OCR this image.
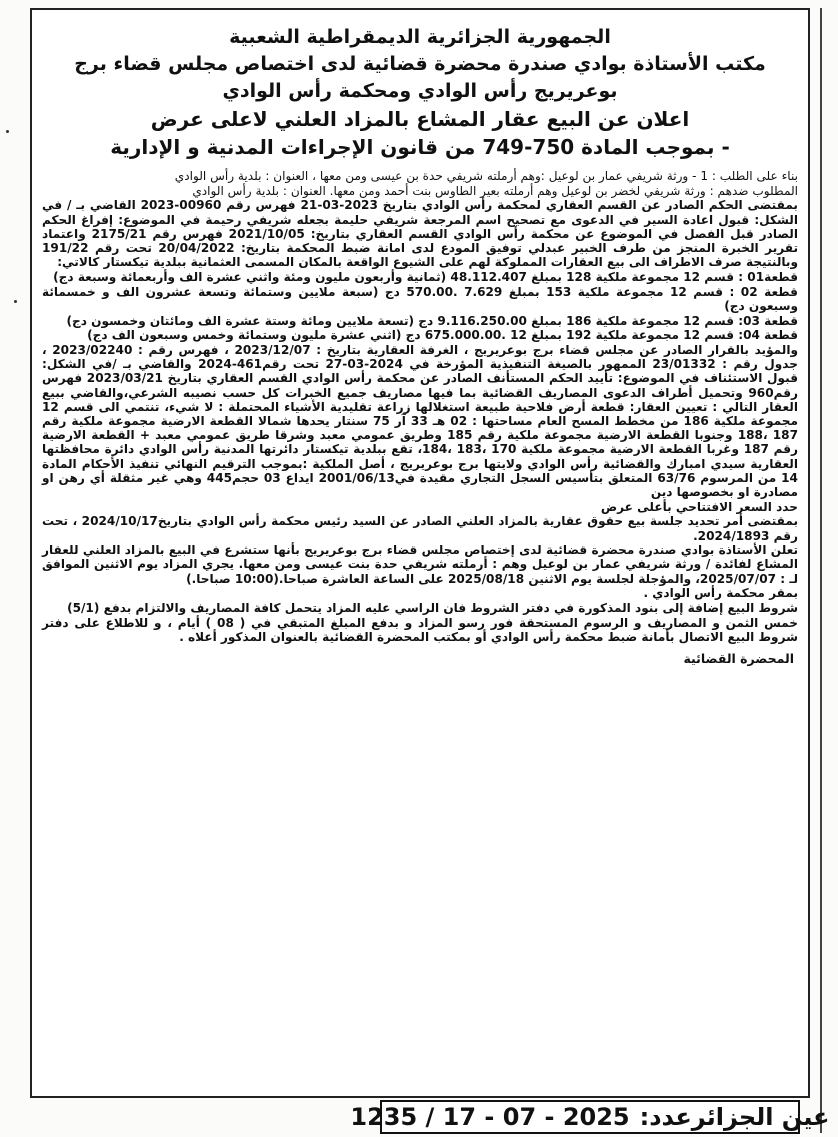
الجمهورية الجزائرية الديمقراطية الشعبية
مكتب الأستاذة بوادي صندرة محضرة قضائية لدى اختصاص مجلس قضاء برج
بوعريريج رأس الوادي ومحكمة رأس الوادي
اعلان عن البيع عقار المشاع بالمزاد العلني لاعلى عرض
- بموجب المادة 750-749 من قانون الإجراءات المدنية و الإدارية

بناء على الطلب : 1 - ورثة شريفي عمار بن لوعيل :وهم أرملته شريفي حدة بن عيسى ومن معها ، العنوان : بلدية رأس الوادي

المطلوب ضدهم : ورثة شريفي لخضر بن لوعيل وهم أرملته بعير الطاوس بنت أحمد ومن معها. العنوان : بلدية رأس الوادي

بمقتضى الحكم الصادر عن القسم العقاري لمحكمة رأس الوادي بتاريخ 2023-03-21 فهرس رقم 00960-2023 القاضي بـ / في الشكل: قبول اعادة السير في الدعوى مع تصحيح اسم المرجعة شريفي حليمة بجعله شريفي رحيمة في الموضوع: إفراغ الحكم الصادر قبل الفصل في الموضوع عن محكمة رأس الوادي القسم العقاري بتاريخ: 2021/10/05 فهرس رقم 2175/21 واعتماد تقرير الخبرة المنجز من طرف الخبير عبدلي توفيق المودع لدى امانة ضبط المحكمة بتاريخ: 20/04/2022 تحت رقم 191/22 وبالنتيجة صرف الاطراف الى بيع العقارات المملوكة لهم على الشيوع الواقعة بالمكان المسمى العثمانية ببلدية تيكستار كالاتي:

قطعة01 : قسم 12 مجموعة ملكية 128 بمبلغ 48.112.407 (ثمانية وأربعون مليون ومئة واثني عشرة الف وأربعمائة وسبعة دج)

قطعة 02 : قسم 12 مجموعة ملكية 153 بمبلغ 7.629 .570.00 دج (سبعة ملايين وستمائة وتسعة عشرون الف و خمسمائة وسبعون دج)

قطعة 03: قسم 12 مجموعة ملكية 186 بمبلغ 9.116.250.00 دج (تسعة ملايين ومائة وستة عشرة الف ومائتان وخمسون دج)

قطعة 04: قسم 12 مجموعة ملكية 192 بمبلغ 12 .675.000.00 دج (اثني عشرة مليون وستمائة وخمس وسبعون الف دج)

والمؤيد بالقرار الصادر عن مجلس قضاء برج بوعريريج ، الغرفة العقارية بتاريخ : 2023/12/07 ، فهرس رقم : 2023/02240 ، جدول رقم : 23/01332 الممهور بالصيغة التنفيذية المؤرخة في 2024-03-27 تحت رقم461-2024 والقاضي بـ /في الشكل: قبول الاستئناف في الموضوع: تأييد الحكم المستأنف الصادر عن محكمة رأس الوادي القسم العقاري بتاريخ 2023/03/21 فهرس رقم960 وتحميل أطراف الدعوى المصاريف القضائية بما فيها مصاريف جميع الخبرات كل حسب نصيبه الشرعي،والقاضي ببيع العقار التالي : تعيين العقار: قطعة أرض فلاحية طبيعة استغلالها زراعة تقليدية الأشياء المحتملة : لا شيء، تنتمي الى قسم 12 مجموعة ملكية 186 من مخطط المسح العام مساحتها : 02 هـ 33 آر 75 سنتار يحدها شمالا القطعة الارضية مجموعة ملكية رقم 187 ،188 وجنوبا القطعة الارضية مجموعة ملكية رقم 185 وطريق عمومي معبد وشرقا طريق عمومي معبد + القطعة الارضية رقم 187 وغربا القطعة الارضية مجموعة ملكية 170 ،183 ،184، تقع ببلدية تيكستار دائرتها المدنية رأس الوادي دائرة محافظتها العقارية سيدي امبارك والقضائية رأس الوادي ولايتها برج بوعريريج ، أصل الملكية :بموجب الترقيم النهائي تنفيذ الأحكام المادة 14 من المرسوم 63/76 المتعلق بتأسيس السجل التجاري مقيدة في2001/06/13 ايداع 03 حجم445 وهي غير مثقلة أي رهن او مصادرة او بخصوصها دين

حدد السعر الافتتاحي بأعلى عرض

بمقتضى أمر تحديد جلسة بيع حقوق عقارية بالمزاد العلني الصادر عن السيد رئيس محكمة رأس الوادي بتاريخ2024/10/17 ، تحت رقم 2024/1893.

تعلن الأستاذة بوادي صندرة محضرة قضائية لدى إختصاص مجلس قضاء برج بوعريريج بأنها ستشرع في البيع بالمزاد العلني للعقار المشاع لفائدة / ورثة شريفي عمار بن لوعيل وهم : أرملته شريفي حدة بنت عيسى ومن معها. يجري المزاد يوم الاثنين الموافق لـ : 2025/07/07، والمؤجلة لجلسة يوم الاثنين 2025/08/18 على الساعة العاشرة صباحا.(10:00 صباحا.)

بمقر محكمة رأس الوادي .

شروط البيع إضافة إلى بنود المذكورة في دفتر الشروط فان الراسي عليه المزاد يتحمل كافة المصاريف والالتزام بدفع (5/1)

خمس الثمن و المصاريف و الرسوم المستحقة فور رسو المزاد و بدفع المبلغ المتبقي في ( 08 ) أيام ، و للاطلاع على دفتر شروط البيع الاتصال بأمانة ضبط محكمة رأس الوادي أو بمكتب المحضرة القضائية بالعنوان المذكور أعلاه .

المحضرة القضائية
عين الجزائرعدد:
1235 / 17 - 07 - 2025
